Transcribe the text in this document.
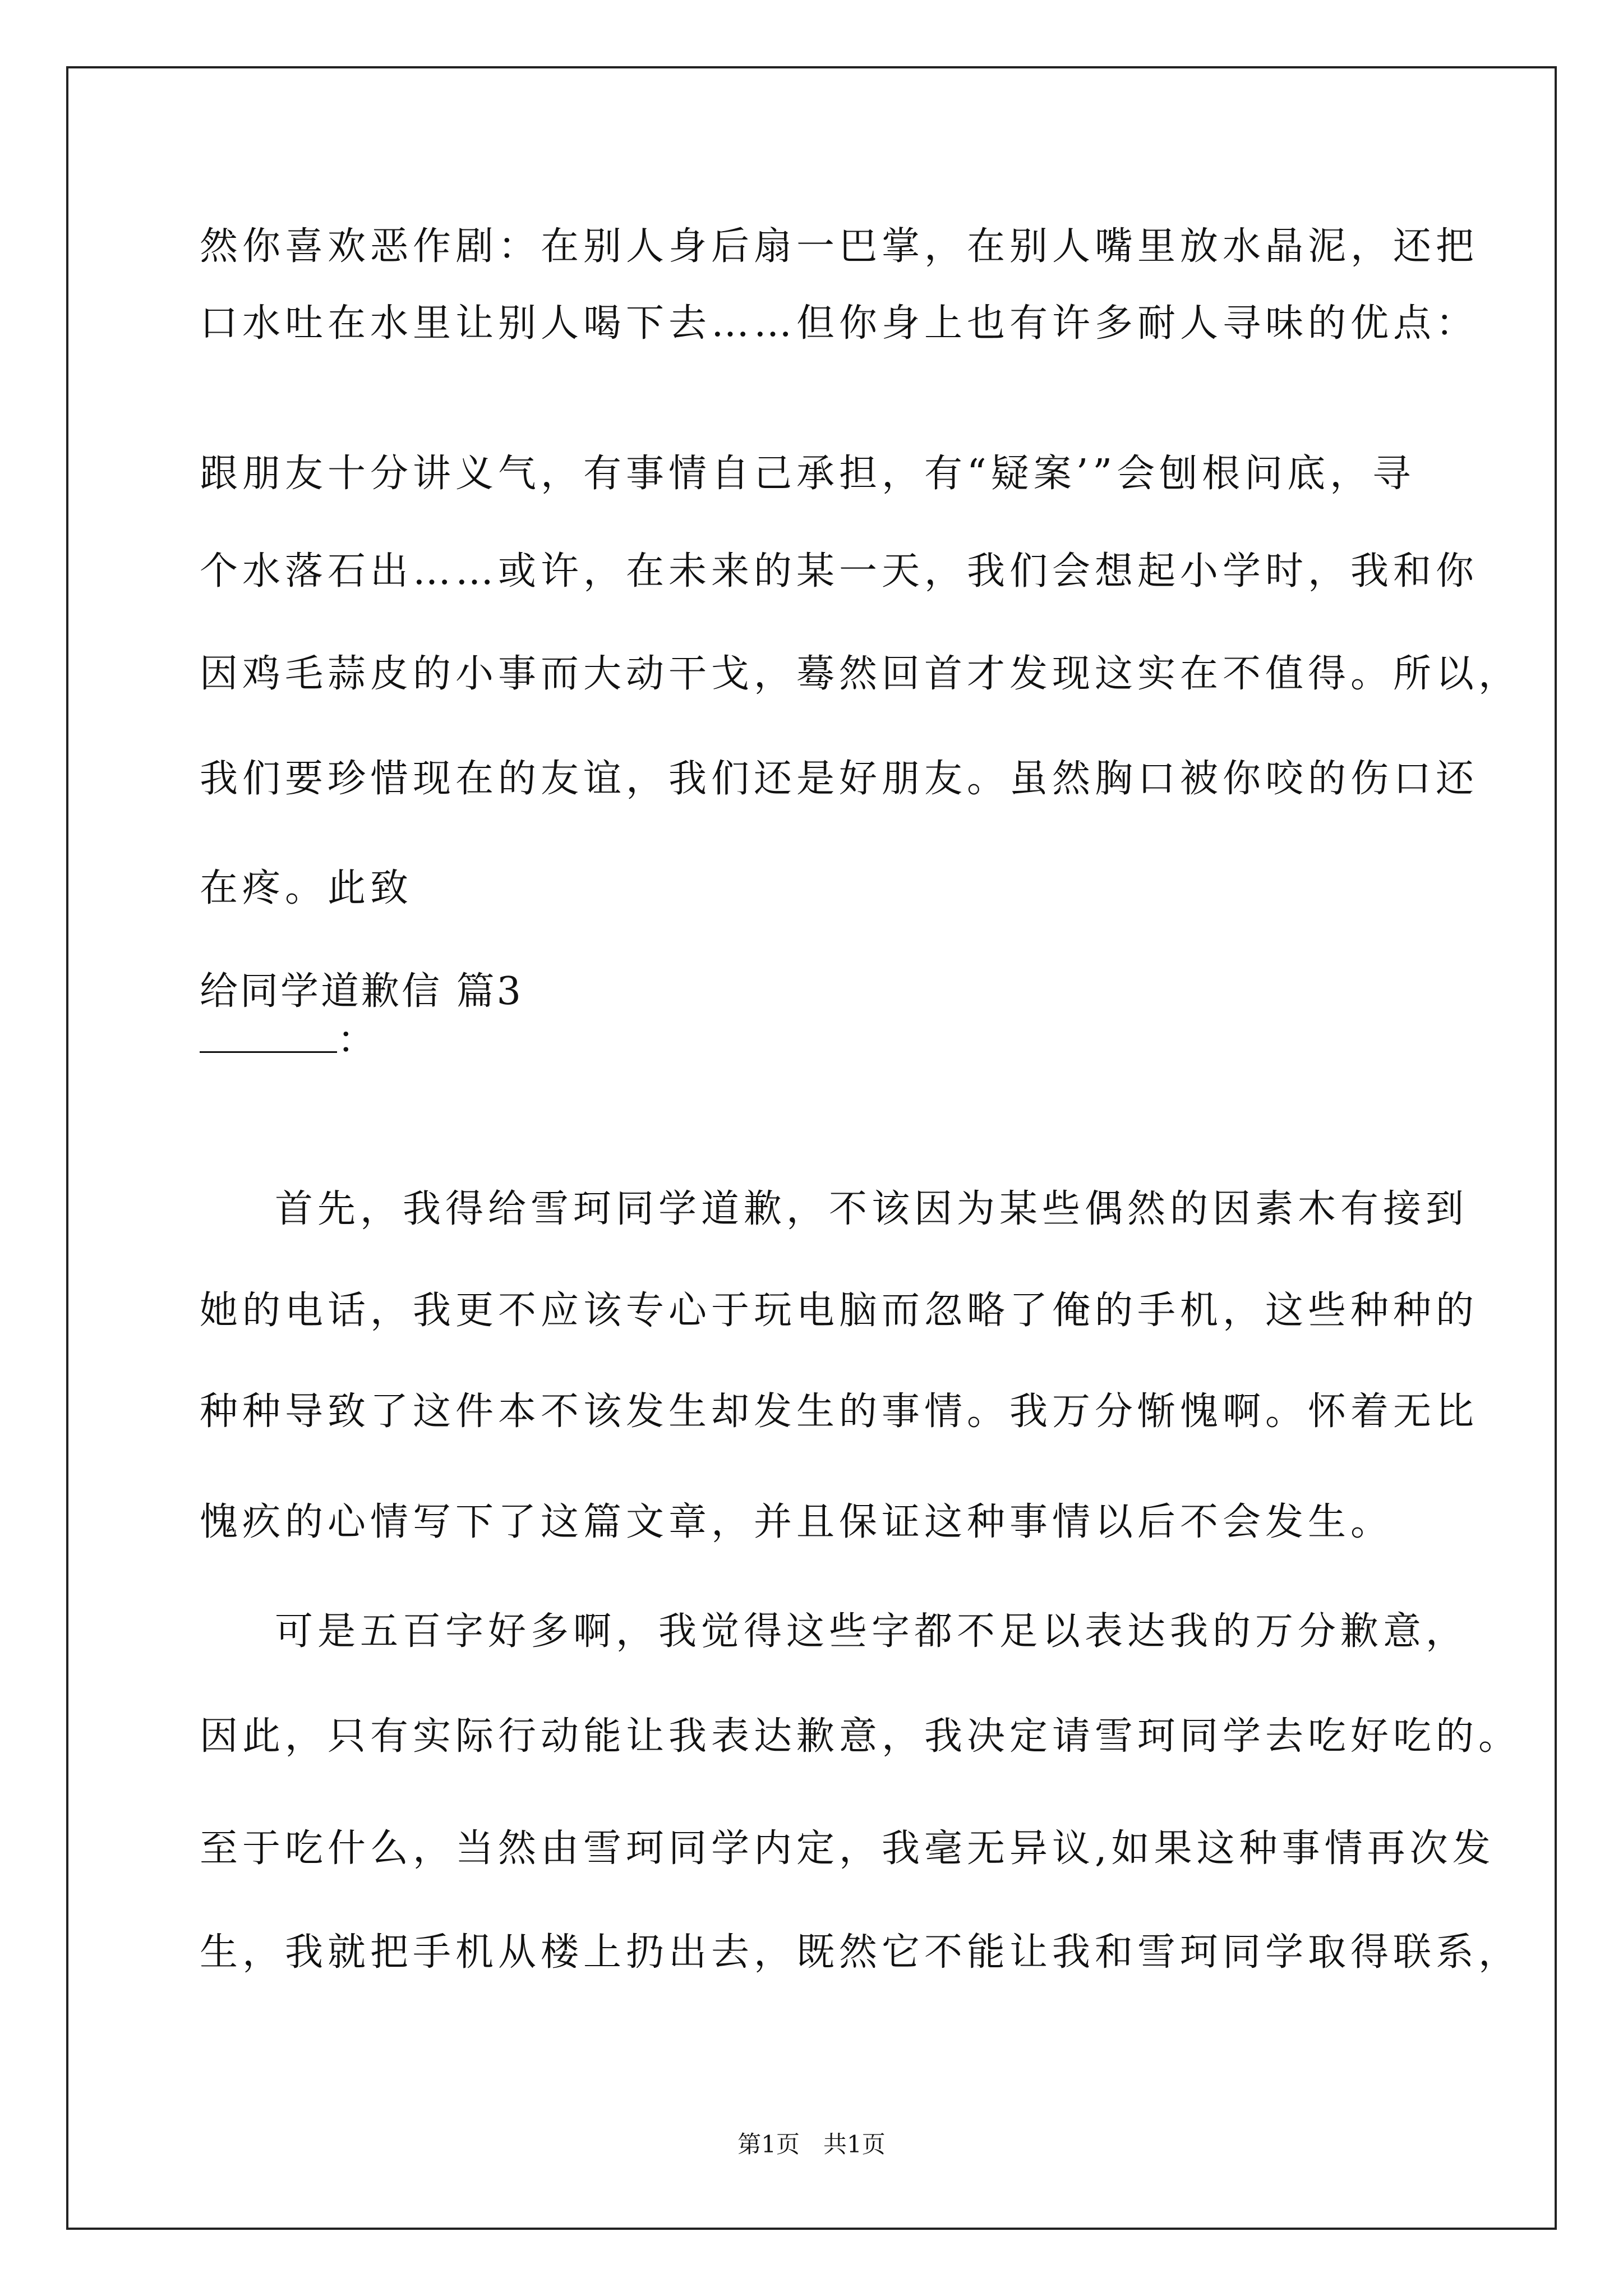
然你喜欢恶作剧：在别人身后扇一巴掌，在别人嘴里放水晶泥，还把

口水吐在水里让别人喝下去……但你身上也有许多耐人寻味的优点：

跟朋友十分讲义气，有事情自己承担，有“疑案’”会刨根问底，寻

个水落石出……或许，在未来的某一天，我们会想起小学时，我和你

因鸡毛蒜皮的小事而大动干戈，蓦然回首才发现这实在不值得。所以，

我们要珍惜现在的友谊，我们还是好朋友。虽然胸口被你咬的伤口还

在疼。此致

给同学道歉信 篇3

：

首先，我得给雪珂同学道歉，不该因为某些偶然的因素木有接到

她的电话，我更不应该专心于玩电脑而忽略了俺的手机，这些种种的

种种导致了这件本不该发生却发生的事情。我万分惭愧啊。怀着无比

愧疚的心情写下了这篇文章，并且保证这种事情以后不会发生。

可是五百字好多啊，我觉得这些字都不足以表达我的万分歉意，

因此，只有实际行动能让我表达歉意，我决定请雪珂同学去吃好吃的。

至于吃什么，当然由雪珂同学内定，我毫无异议,如果这种事情再次发

生，我就把手机从楼上扔出去，既然它不能让我和雪珂同学取得联系，

第1页　共1页
